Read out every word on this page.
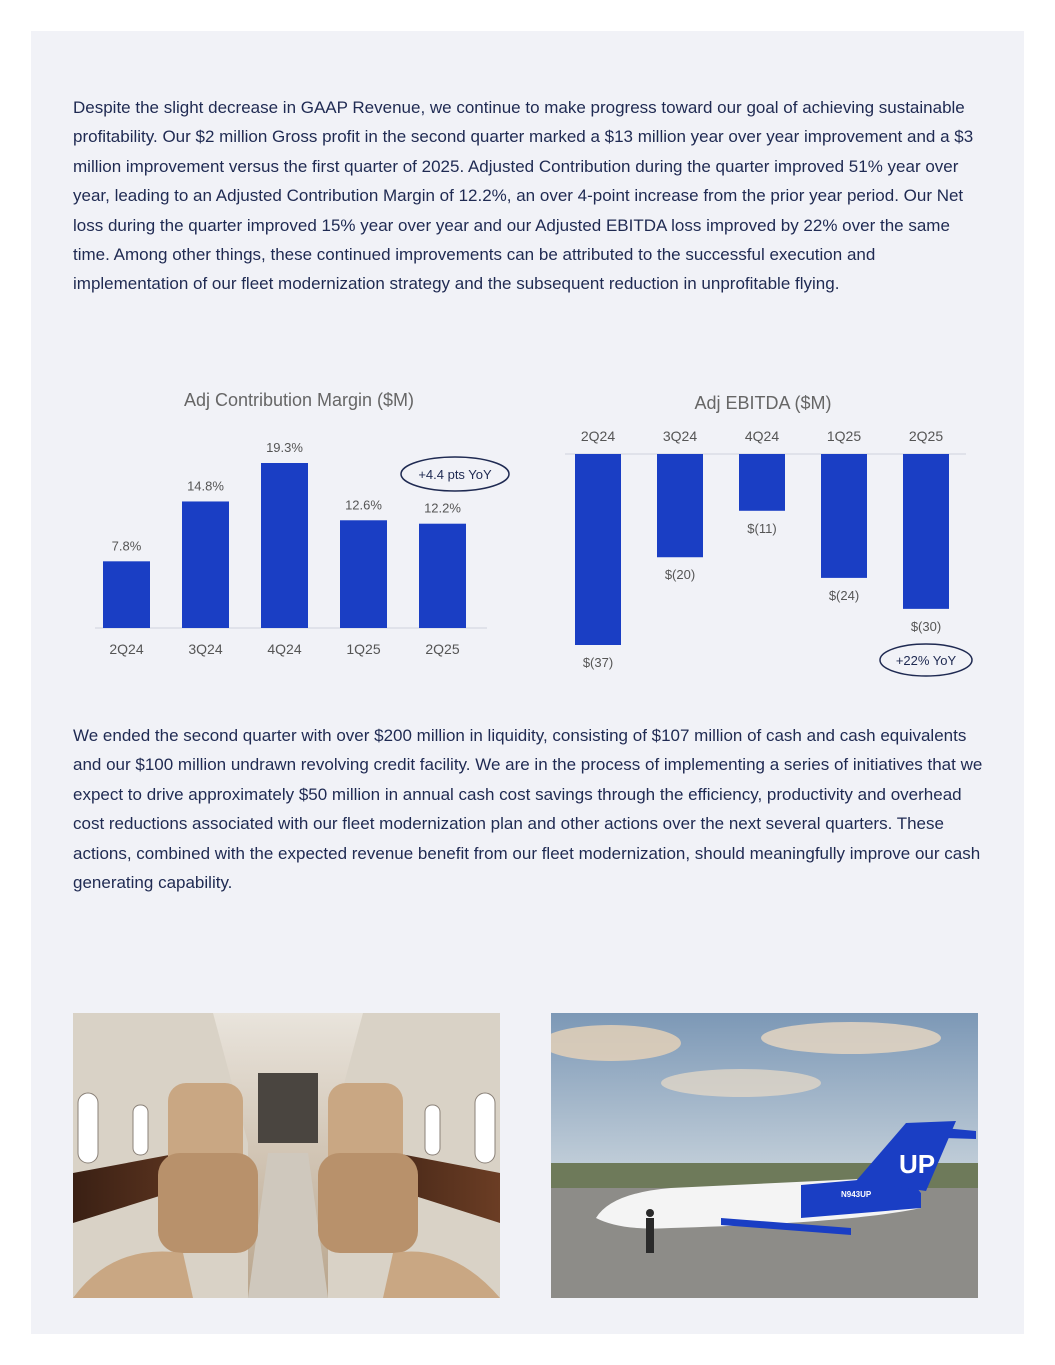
Despite the slight decrease in GAAP Revenue, we continue to make progress toward our goal of achieving sustainable profitability. Our $2 million Gross profit in the second quarter marked a $13 million year over year improvement and a $3 million improvement versus the first quarter of 2025. Adjusted Contribution during the quarter improved 51% year over year, leading to an Adjusted Contribution Margin of 12.2%, an over 4-point increase from the prior year period. Our Net loss during the quarter improved 15% year over year and our Adjusted EBITDA loss improved by 22% over the same time. Among other things, these continued improvements can be attributed to the successful execution and implementation of our fleet modernization strategy and the subsequent reduction in unprofitable flying.

Adj Contribution Margin ($M)
7.8%
2Q24
14.8%
3Q24
19.3%
4Q24
12.6%
1Q25
12.2%
2Q25
+4.4 pts YoY
Adj EBITDA ($M)
2Q24
$(37)
3Q24
$(20)
4Q24
$(11)
1Q25
$(24)
2Q25
$(30)
+22% YoY

We ended the second quarter with over $200 million in liquidity, consisting of $107 million of cash and cash equivalents and our $100 million undrawn revolving credit facility. We are in the process of implementing a series of initiatives that we expect to drive approximately $50 million in annual cash cost savings through the efficiency, productivity and overhead cost reductions associated with our fleet modernization plan and other actions over the next several quarters. These actions, combined with the expected revenue benefit from our fleet modernization, should meaningfully improve our cash generating capability.

UP
N943UP
